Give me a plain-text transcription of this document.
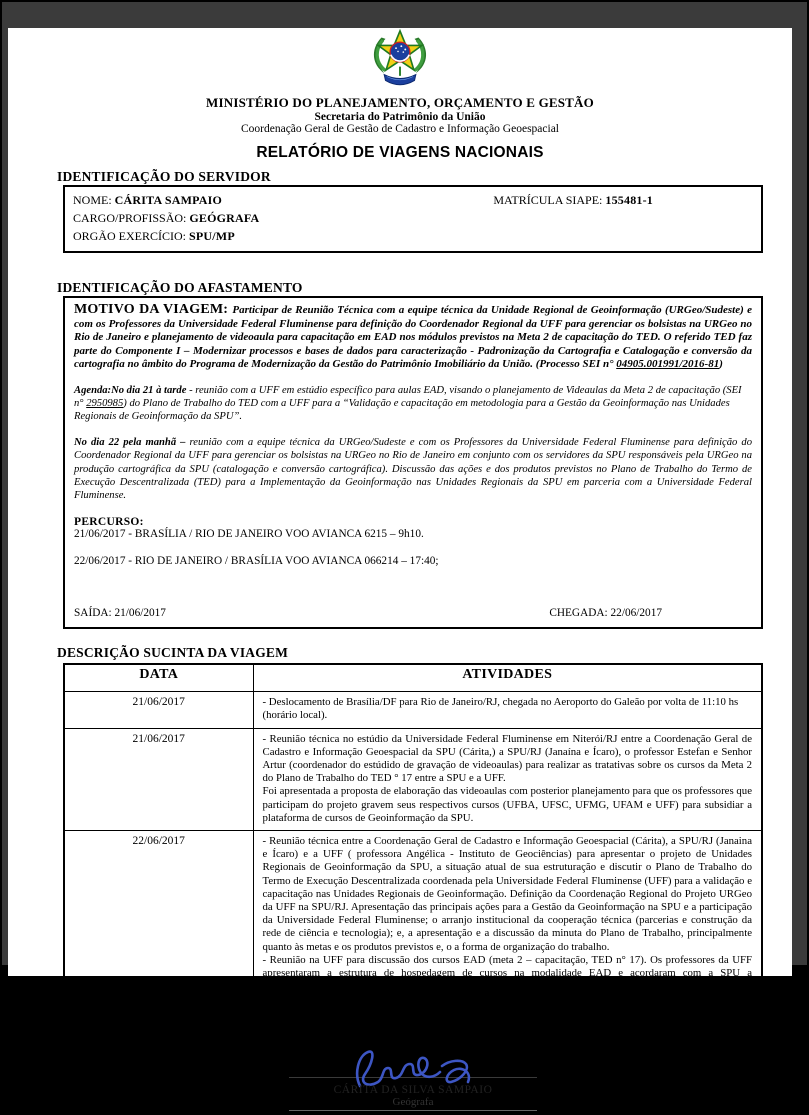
MINISTÉRIO DO PLANEJAMENTO, ORÇAMENTO E GESTÃO
Secretaria do Patrimônio da União
Coordenação Geral de Gestão de Cadastro e Informação Geoespacial
RELATÓRIO DE VIAGENS NACIONAIS
IDENTIFICAÇÃO DO SERVIDOR
NOME: CÁRITA SAMPAIO	MATRÍCULA SIAPE: 155481-1
CARGO/PROFISSÃO: GEÓGRAFA
ORGÃO EXERCÍCIO: SPU/MP
IDENTIFICAÇÃO DO AFASTAMENTO
MOTIVO DA VIAGEM: Participar de Reunião Técnica com a equipe técnica da Unidade Regional de Geoinformação (URGeo/Sudeste) e com os Professores da Universidade Federal Fluminense para definição do Coordenador Regional da UFF para gerenciar os bolsistas na URGeo no Rio de Janeiro e planejamento de videoaula para capacitação em EAD nos módulos previstos na Meta 2 de capacitação do TED. O referido TED faz parte do Componente I – Modernizar processos e bases de dados para caracterização - Padronização da Cartografia e Catalogação e conversão da cartografia no âmbito do Programa de Modernização da Gestão do Patrimônio Imobiliário da União. (Processo SEI n° 04905.001991/2016-81)
Agenda:No dia 21 à tarde - reunião com a UFF em estúdio específico para aulas EAD, visando o planejamento de Videaulas da Meta 2 de capacitação (SEI n° 2950985) do Plano de Trabalho do TED com a UFF para a “Validação e capacitação em metodologia para a Gestão da Geoinformação nas Unidades Regionais de Geoinformação da SPU”.
No dia 22 pela manhã – reunião com a equipe técnica da URGeo/Sudeste e com os Professores da Universidade Federal Fluminense para definição do Coordenador Regional da UFF para gerenciar os bolsistas na URGeo no Rio de Janeiro em conjunto com os servidores da SPU responsáveis pela URGeo na produção cartográfica da SPU (catalogação e conversão cartográfica). Discussão das ações e dos produtos previstos no Plano de Trabalho do Termo de Execução Descentralizada (TED) para a Implementação da Geoinformação nas Unidades Regionais da SPU em parceria com a Universidade Federal Fluminense.
PERCURSO:
21/06/2017 - BRASÍLIA / RIO DE JANEIRO VOO AVIANCA 6215 – 9h10.
22/06/2017 - RIO DE JANEIRO / BRASÍLIA VOO AVIANCA 066214 – 17:40;
SAÍDA: 21/06/2017	CHEGADA: 22/06/2017
DESCRIÇÃO SUCINTA DA VIAGEM
DATA	ATIVIDADES
21/06/2017	- Deslocamento de Brasília/DF para Rio de Janeiro/RJ, chegada no Aeroporto do Galeão por volta de 11:10 hs (horário local).

21/06/2017	- Reunião técnica no estúdio da Universidade Federal Fluminense em Niterói/RJ entre a Coordenação Geral de Cadastro e Informação Geoespacial da SPU (Cárita,) a SPU/RJ (Janaína e Ícaro), o professor Estefan e Senhor Artur (coordenador do estúdido de gravação de videoaulas) para realizar as tratativas sobre os cursos da Meta 2 do Plano de Trabalho do TED ° 17 entre a SPU e a UFF.
Foi apresentada a proposta de elaboração das videoaulas com posterior planejamento para que os professores que participam do projeto gravem seus respectivos cursos (UFBA, UFSC, UFMG, UFAM e UFF) para subsidiar a plataforma de cursos de Geoinformação da SPU.

22/06/2017	- Reunião técnica entre a Coordenação Geral de Cadastro e Informação Geoespacial (Cárita), a SPU/RJ (Janaina e Ícaro) e a UFF ( professora Angélica - Instituto de Geociências) para apresentar o projeto de Unidades Regionais de Geoinformação da SPU, a situação atual de sua estruturação e discutir o Plano de Trabalho do Termo de Execução Descentralizada coordenada pela Universidade Federal Fluminense (UFF) para a validação e capacitação nas Unidades Regionais de Geoinformação. Definição da Coordenação Regional do Projeto URGeo da UFF na SPU/RJ. Apresentação das principais ações para a Gestão da Geoinformação na SPU e a participação da Universidade Federal Fluminense; o arranjo institucional da cooperação técnica (parcerias e construção da rede de ciência e tecnologia); e, a apresentação e a discussão da minuta do Plano de Trabalho, principalmente quanto às metas e os produtos previstos e, o a forma de organização do trabalho.
- Reunião na UFF para discussão dos cursos EAD (meta 2 – capacitação, TED n° 17). Os professores da UFF apresentaram a estrutura de hospedagem de cursos na modalidade EAD e acordaram com a SPU a implementação dos mesmos na UFF.

22/06/2017	- Retorno para Brasília às 17:40, com chegada por volta de 21h30 (horário local) do dia 22 de junho de 2017.
(ANEXO I –RECIBO – BILHETES DE PASSAGENS;)

Brasília-DF, 23/06/2017
CÁRITA DA SILVA SAMPAIO
Geógrafa	
